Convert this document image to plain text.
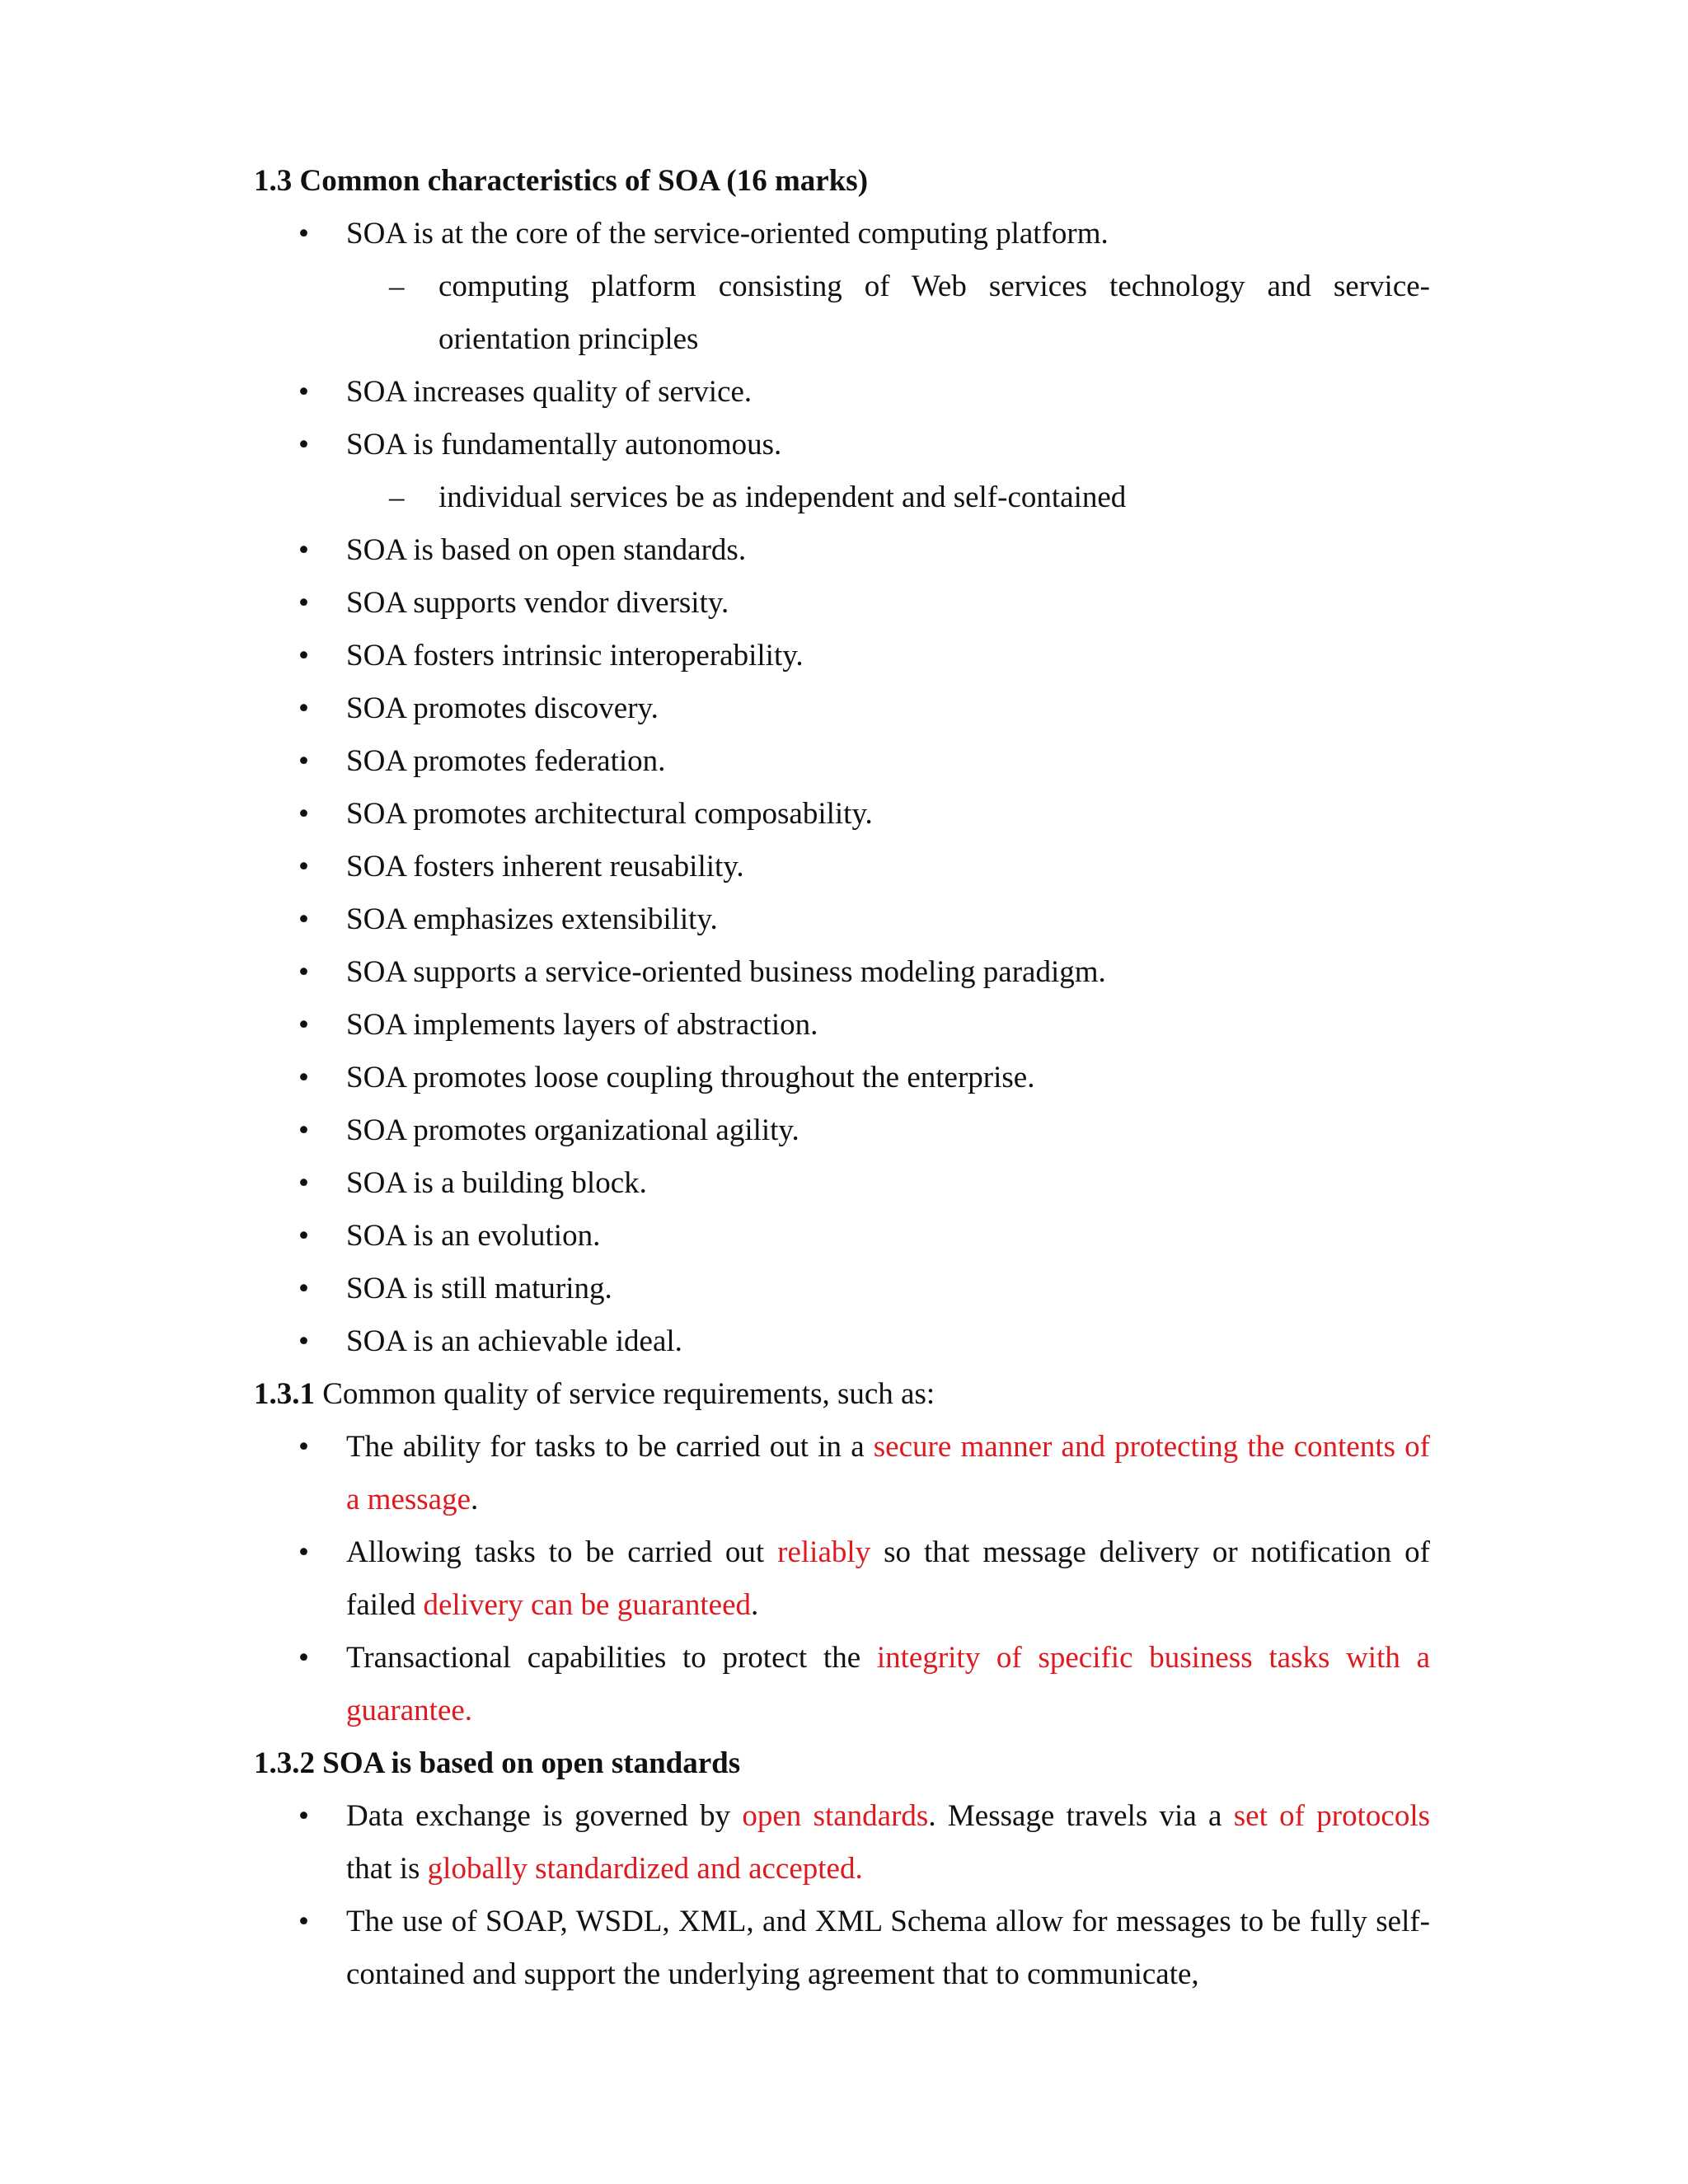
1.3 Common characteristics of SOA (16 marks)
• SOA is at the core of the service-oriented computing platform.
– computing platform consisting of Web services technology and service-
orientation principles
• SOA increases quality of service.
• SOA is fundamentally autonomous.
– individual services be as independent and self-contained
• SOA is based on open standards.
• SOA supports vendor diversity.
• SOA fosters intrinsic interoperability.
• SOA promotes discovery.
• SOA promotes federation.
• SOA promotes architectural composability.
• SOA fosters inherent reusability.
• SOA emphasizes extensibility.
• SOA supports a service-oriented business modeling paradigm.
• SOA implements layers of abstraction.
• SOA promotes loose coupling throughout the enterprise.
• SOA promotes organizational agility.
• SOA is a building block.
• SOA is an evolution.
• SOA is still maturing.
• SOA is an achievable ideal.
1.3.1 Common quality of service requirements, such as:
• The ability for tasks to be carried out in a secure manner and protecting the contents of
a message.
• Allowing tasks to be carried out reliably so that message delivery or notification of
failed delivery can be guaranteed.
• Transactional capabilities to protect the integrity of specific business tasks with a
guarantee.
1.3.2 SOA is based on open standards
• Data exchange is governed by open standards. Message travels via a set of protocols
that is globally standardized and accepted.
• The use of SOAP, WSDL, XML, and XML Schema allow for messages to be fully self-
contained and support the underlying agreement that to communicate,
